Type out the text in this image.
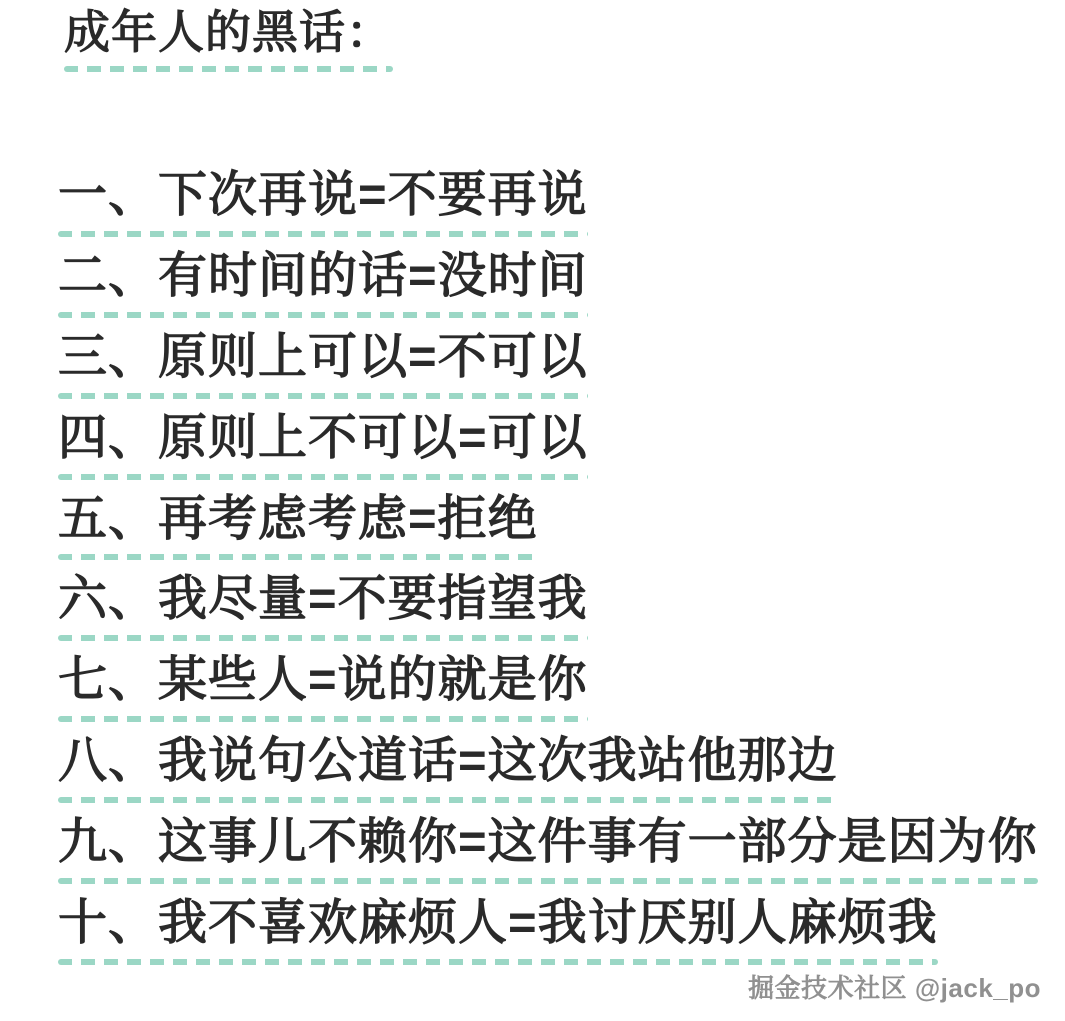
成年人的黑话：
一、下次再说=不要再说
二、有时间的话=没时间
三、原则上可以=不可以
四、原则上不可以=可以
五、再考虑考虑=拒绝
六、我尽量=不要指望我
七、某些人=说的就是你
八、我说句公道话=这次我站他那边
九、这事儿不赖你=这件事有一部分是因为你
十、我不喜欢麻烦人=我讨厌别人麻烦我
掘金技术社区 @jack_po
